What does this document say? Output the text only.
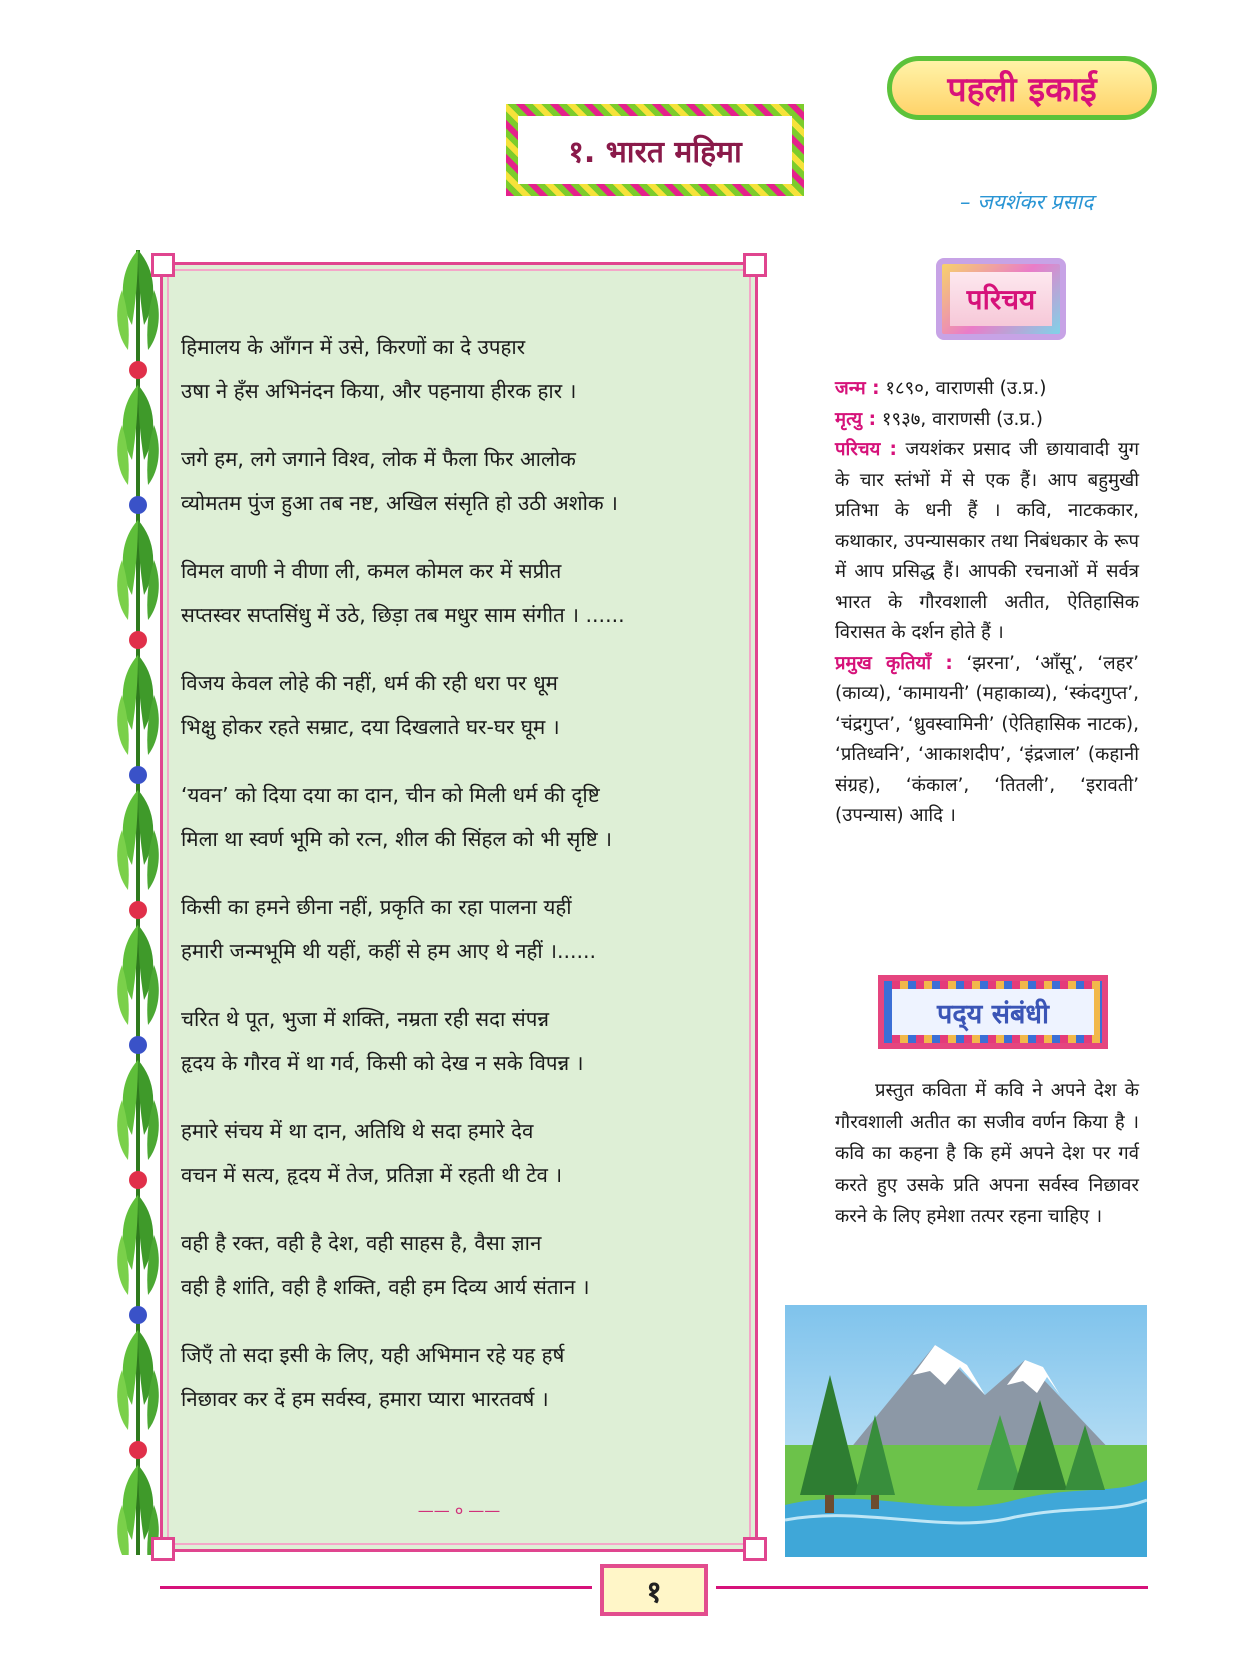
पहली इकाई
१. भारत महिमा
– जयशंकर प्रसाद
हिमालय के आँगन में उसे, किरणों का दे उपहार
उषा ने हँस अभिनंदन किया, और पहनाया हीरक हार ।
जगे हम, लगे जगाने विश्व, लोक में फैला फिर आलोक
व्योमतम पुंज हुआ तब नष्ट, अखिल संसृति हो उठी अशोक ।
विमल वाणी ने वीणा ली, कमल कोमल कर में सप्रीत
सप्तस्वर सप्तसिंधु में उठे, छिड़ा तब मधुर साम संगीत । ......
विजय केवल लोहे की नहीं, धर्म की रही धरा पर धूम
भिक्षु होकर रहते सम्राट, दया दिखलाते घर-घर घूम ।
‘यवन’ को दिया दया का दान, चीन को मिली धर्म की दृष्टि
मिला था स्वर्ण भूमि को रत्न, शील की सिंहल को भी सृष्टि ।
किसी का हमने छीना नहीं, प्रकृति का रहा पालना यहीं
हमारी जन्मभूमि थी यहीं, कहीं से हम आए थे नहीं ।......
चरित थे पूत, भुजा में शक्ति, नम्रता रही सदा संपन्न
हृदय के गौरव में था गर्व, किसी को देख न सके विपन्न ।
हमारे संचय में था दान, अतिथि थे सदा हमारे देव
वचन में सत्य, हृदय में तेज, प्रतिज्ञा में रहती थी टेव ।
वही है रक्त, वही है देश, वही साहस है, वैसा ज्ञान
वही है शांति, वही है शक्ति, वही हम दिव्य आर्य संतान ।
जिएँ तो सदा इसी के लिए, यही अभिमान रहे यह हर्ष
निछावर कर दें हम सर्वस्व, हमारा प्यारा भारतवर्ष ।
—— ० ——
परिचय

जन्म : १८९०, वाराणसी (उ.प्र.)

मृत्यु : १९३७, वाराणसी (उ.प्र.)

परिचय : जयशंकर प्रसाद जी छायावादी युग के चार स्तंभों में से एक हैं। आप बहुमुखी प्रतिभा के धनी हैं । कवि, नाटककार, कथाकार, उपन्यासकार तथा निबंधकार के रूप में आप प्रसिद्ध हैं। आपकी रचनाओं में सर्वत्र भारत के गौरवशाली अतीत, ऐतिहासिक विरासत के दर्शन होते हैं ।

प्रमुख कृतियाँ : ‘झरना’, ‘आँसू’, ‘लहर’ (काव्य), ‘कामायनी’ (महाकाव्य), ‘स्कंदगुप्त’, ‘चंद्रगुप्त’, ‘ध्रुवस्वामिनी’ (ऐतिहासिक नाटक), ‘प्रतिध्वनि’, ‘आकाशदीप’, ‘इंद्रजाल’ (कहानी संग्रह), ‘कंकाल’, ‘तितली’, ‘इरावती’ (उपन्यास) आदि ।

पद्‌य संबंधी

प्रस्तुत कविता में कवि ने अपने देश के गौरवशाली अतीत का सजीव वर्णन किया है । कवि का कहना है कि हमें अपने देश पर गर्व करते हुए उसके प्रति अपना सर्वस्व निछावर करने के लिए हमेशा तत्पर रहना चाहिए ।

१
